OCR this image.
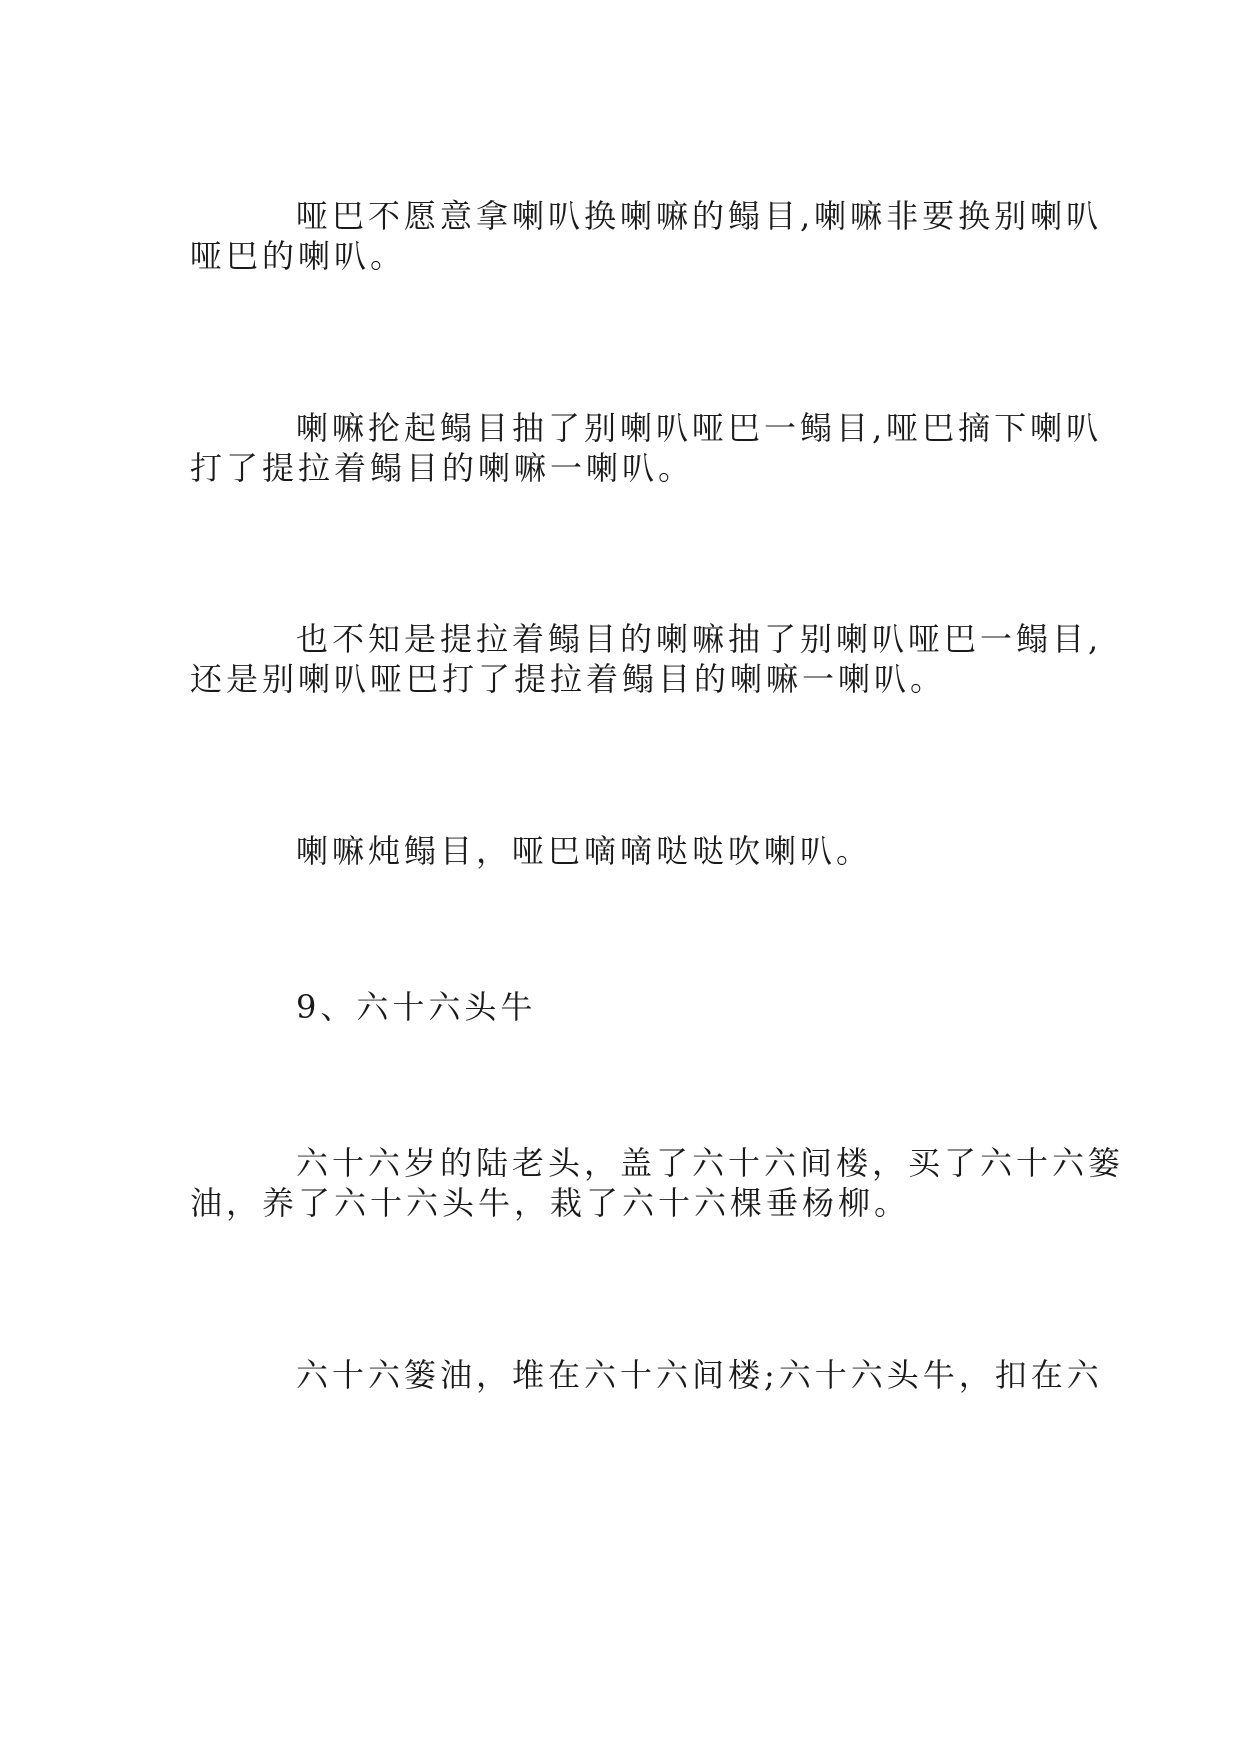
哑巴不愿意拿喇叭换喇嘛的鳎目,喇嘛非要换别喇叭
哑巴的喇叭。
喇嘛抡起鳎目抽了别喇叭哑巴一鳎目,哑巴摘下喇叭
打了提拉着鳎目的喇嘛一喇叭。
也不知是提拉着鳎目的喇嘛抽了别喇叭哑巴一鳎目,
还是别喇叭哑巴打了提拉着鳎目的喇嘛一喇叭。
喇嘛炖鳎目，哑巴嘀嘀哒哒吹喇叭。
9、六十六头牛
六十六岁的陆老头，盖了六十六间楼，买了六十六篓
油，养了六十六头牛，栽了六十六棵垂杨柳。
六十六篓油，堆在六十六间楼;六十六头牛，扣在六
